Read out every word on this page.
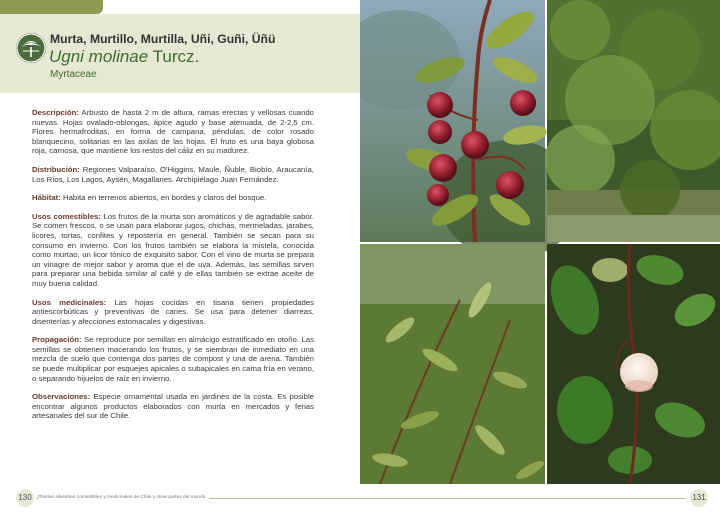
Murta, Murtillo, Murtilla, Uñi, Guñi, Üñü
Ugni molinae Turcz.
Myrtaceae

Descripción: Arbusto de hasta 2 m de altura, ramas erectas y vellosas cuando nuevas. Hojas ovalado-oblongas, ápice agudo y base atenuada, de 2-2,5 cm. Flores hermafroditas, en forma de campana, péndulas, de color rosado blanquecino, solitarias en las axilas de las hojas. El fruto es una baya globosa roja, carnosa, que mantiene los restos del cáliz en su madurez.

Distribución: Regiones Valparaíso, O'Higgins, Maule, Ñuble, Biobío, Araucanía, Los Ríos, Los Lagos, Aysén, Magallanes. Archipiélago Juan Fernández.

Hábitat: Habita en terrenos abiertos, en bordes y claros del bosque.

Usos comestibles: Los frutos de la murta son aromáticos y de agradable sabor. Se comen frescos, o se usan para elaborar jugos, chichas, mermeladas, jarabes, licores, tortas, confites y repostería en general. También se secan para su consumo en invierno. Con los frutos también se elabora la mistela, conocida como murtao, un licor tónico de exquisito sabor. Con el vino de murta se prepara un vinagre de mejor sabor y aroma que el de uva. Además, las semillas sirven para preparar una bebida similar al café y de ellas también se extrae aceite de muy buena calidad.

Usos medicinales: Las hojas cocidas en tisana tienen propiedades antiescorbúticas y preventivas de caries. Se usa para detener diarreas, disenterías y afecciones estomacales y digestivas.

Propagación: Se reproduce por semillas en almácigo estratificado en otoño. Las semillas se obtienen macerando los frutos, y se siembran de inmediato en una mezcla de suelo que contenga dos partes de compost y una de arena. También se puede multiplicar por esquejes apicales o subapicales en cama fría en verano, o separando hijuelos de raíz en invierno.

Observaciones: Especie ornamental usada en jardines de la costa. Es posible encontrar algunos productos elaborados con murta en mercados y ferias artesanales del sur de Chile.

Plantas silvestres comestibles y medicinales de Chile y otras partes del mundo
130	131
